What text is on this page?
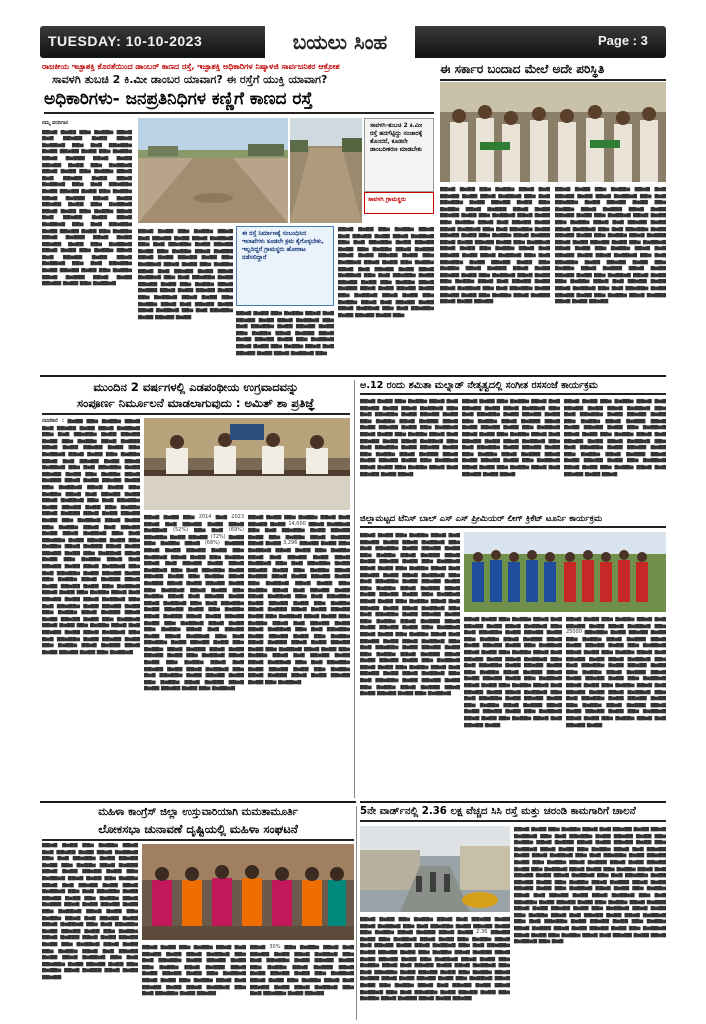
TUESDAY: 10-10-2023	ಬಯಲು ಸಿಂಹ	Page : 3
ರಾಜಕೀಯ ಇಚ್ಛಾಶಕ್ತಿ ಕೊರತೆಯಿಂದ ಡಾಂಬರ್ ಕಾಣದ ರಸ್ತೆ, ಇಚ್ಛಾಶಕ್ತಿ ಅಧಿಕಾರಿಗಳ ನಿಷ್ಕಾಳಜಿ ಸಾರ್ವಜನಿಕರ ಆಕ್ರೋಶ
ಸಾವಳಗಿ ತುಬಚಿ 2 ಕಿ.ಮೀ ಡಾಂಬರ ಯಾವಾಗ? ಈ ರಸ್ತೆಗೆ ಯುಕ್ತಿ ಯಾವಾಗ?
ಅಧಿಕಾರಿಗಳು- ಜನಪ್ರತಿನಿಧಿಗಳ ಕಣ್ಣಿಗೆ ಕಾಣದ ರಸ್ತೆ

ನಮ್ಮ ವರದಿಗಾರ

▆▆▅▆ ▆▅▆▆ ▆▆▅ ▆▅▆▆▅ ▆▆▅▆ ▆▅▆ ▆▆▅▆▆ ▆▅▆▆ ▆▆▅▆ ▆▅▆▆▅▆ ▆▆▅ ▆▅▆ ▆▆▅▆▆▅ ▆▅▆▆ ▆▆▅▆▆ ▆▅▆▆ ▆▆▅ ▆▅▆▆▅ ▆▆▅▆ ▆▅▆▆▆ ▆▆▅▆ ▆▅▆▆ ▆▆▅▆▆ ▆▅▆▆ ▆▆▅ ▆▅▆▆▅▆ ▆▆▅▆ ▆▅▆▆ ▆▆▅ ▆▅▆▆▅ ▆▆▅▆ ▆▅▆ ▆▆▅▆▆ ▆▅▆▆ ▆▆▅▆ ▆▅▆▆▅▆ ▆▆▅ ▆▅▆ ▆▆▅▆▆▅ ▆▅▆▆ ▆▆▅▆▆ ▆▅▆▆ ▆▆▅ ▆▅▆▆▅ ▆▆▅▆ ▆▅▆▆▆ ▆▆▅▆ ▆▅▆▆ ▆▆▅▆▆ ▆▅▆▆ ▆▆▅ ▆▅▆▆▅▆ ▆▆▅▆ ▆▅▆▆ ▆▆▅ ▆▅▆▆▅ ▆▆▅▆ ▆▅▆ ▆▆▅▆▆ ▆▅▆▆ ▆▆▅▆ ▆▅▆▆▅▆ ▆▆▅ ▆▅▆ ▆▆▅▆▆▅ ▆▅▆▆ ▆▆▅▆▆ ▆▅▆▆ ▆▆▅ ▆▅▆▆▅ ▆▆▅▆ ▆▅▆▆▆ ▆▆▅▆ ▆▅▆▆ ▆▆▅▆▆ ▆▅▆▆ ▆▆▅ ▆▅▆▆▅▆ ▆▆▅▆ ▆▅▆▆ ▆▆▅ ▆▅▆▆▅ ▆▆▅▆ ▆▅▆ ▆▆▅▆▆ ▆▅▆▆ ▆▆▅▆ ▆▅▆▆▅▆ ▆▆▅ ▆▅▆ ▆▆▅▆▆▅ ▆▅▆▆ ▆▆▅▆▆ ▆▅▆▆ ▆▆▅ ▆▅▆▆▅ ▆▆▅▆ ▆▅▆▆▆ ▆▆▅▆ ▆▅▆▆ ▆▆▅▆▆ ▆▅▆▆ ▆▆▅ ▆▅▆▆▅▆

ಸಾವಳಗಿ-ತುಬಚಿ 2 ಕಿ.ಮೀ ರಸ್ತೆ ಹದಗೆಟ್ಟಿದ್ದು ಸಂಚಾರಕ್ಕೆ ತೊಂದರೆ, ಕೂಡಲೇ ಡಾಂಬರೀಕರಣ ಮಾಡಬೇಕು
ಸಾವಳಗಿ ಗ್ರಾಮಸ್ಥರು

▆▆▅▆ ▆▅▆▆ ▆▆▅ ▆▅▆▆▅ ▆▆▅▆ ▆▅▆ ▆▆▅▆▆ ▆▅▆▆ ▆▆▅▆ ▆▅▆▆▅▆ ▆▆▅ ▆▅▆ ▆▆▅▆▆▅ ▆▅▆▆ ▆▆▅▆▆ ▆▅▆▆ ▆▆▅ ▆▅▆▆▅ ▆▆▅▆ ▆▅▆▆▆ ▆▆▅▆ ▆▅▆▆ ▆▆▅▆▆ ▆▅▆▆ ▆▆▅ ▆▅▆▆▅▆ ▆▆▅▆ ▆▅▆▆ ▆▆▅ ▆▅▆▆▅ ▆▆▅▆ ▆▅▆ ▆▆▅▆▆ ▆▅▆▆ ▆▆▅▆ ▆▅▆▆▅▆ ▆▆▅ ▆▅▆ ▆▆▅▆▆▅ ▆▅▆▆ ▆▆▅▆▆ ▆▅▆▆ ▆▆▅ ▆▅▆▆▅ ▆▆▅▆ ▆▅▆▆▆ ▆▆▅▆ ▆▅▆▆ ▆▆▅▆▆ ▆▅▆▆ ▆▆▅ ▆▅▆▆▅▆ ▆▆▅▆ ▆▅▆▆ ▆▆▅ ▆▅▆▆▅ ▆▆▅▆ ▆▅▆ ▆▆▅▆▆ ▆▅▆▆ ▆▆▅▆ ▆▅▆▆▅▆ ▆▆▅ ▆▅▆ ▆▆▅▆▆▅ ▆▅▆▆ ▆▆▅▆▆ ▆▅▆▆

ಈ ರಸ್ತೆ ನಿರ್ಮಾಣಕ್ಕೆ ಸಂಬಂಧಿಸಿದ ಇಲಾಖೆಗಳು ಕೂಡಲೇ ಕ್ರಮ ಕೈಗೊಳ್ಳಬೇಕು, ಇಲ್ಲದಿದ್ದರೆ ಗ್ರಾಮಸ್ಥರು ಹೋರಾಟ ನಡೆಸಲಿದ್ದಾರೆ

▆▆▅▆ ▆▅▆▆ ▆▆▅ ▆▅▆▆▅ ▆▆▅▆ ▆▅▆ ▆▆▅▆▆ ▆▅▆▆ ▆▆▅▆ ▆▅▆▆▅▆ ▆▆▅ ▆▅▆ ▆▆▅▆▆▅ ▆▅▆▆ ▆▆▅▆▆ ▆▅▆▆ ▆▆▅ ▆▅▆▆▅ ▆▆▅▆ ▆▅▆▆▆ ▆▆▅▆ ▆▅▆▆ ▆▆▅▆▆ ▆▅▆▆ ▆▆▅ ▆▅▆▆▅▆ ▆▆▅▆ ▆▅▆▆ ▆▆▅ ▆▅▆▆▅ ▆▆▅▆ ▆▅▆ ▆▆▅▆▆ ▆▅▆▆ ▆▆▅▆ ▆▅▆▆▅▆ ▆▆▅

▆▆▅▆ ▆▅▆▆ ▆▆▅ ▆▅▆▆▅ ▆▆▅▆ ▆▅▆ ▆▆▅▆▆ ▆▅▆▆ ▆▆▅▆ ▆▅▆▆▅▆ ▆▆▅ ▆▅▆ ▆▆▅▆▆▅ ▆▅▆▆ ▆▆▅▆▆ ▆▅▆▆ ▆▆▅ ▆▅▆▆▅ ▆▆▅▆ ▆▅▆▆▆ ▆▆▅▆ ▆▅▆▆ ▆▆▅▆▆ ▆▅▆▆ ▆▆▅ ▆▅▆▆▅▆ ▆▆▅▆ ▆▅▆▆ ▆▆▅ ▆▅▆▆▅ ▆▆▅▆ ▆▅▆ ▆▆▅▆▆ ▆▅▆▆ ▆▆▅▆ ▆▅▆▆▅▆ ▆▆▅ ▆▅▆ ▆▆▅▆▆▅ ▆▅▆▆ ▆▆▅▆▆ ▆▅▆▆ ▆▆▅ ▆▅▆▆▅ ▆▆▅▆ ▆▅▆▆▆ ▆▆▅▆ ▆▅▆▆ ▆▆▅▆▆ ▆▅▆▆ ▆▆▅ ▆▅▆▆▅▆ ▆▆▅▆ ▆▅▆▆ ▆▆▅ ▆▅▆▆▅ ▆▆▅▆ ▆▅▆ ▆▆▅▆▆ ▆▅▆▆ ▆▆▅▆ ▆▅▆▆▅▆ ▆▆▅ ▆▅▆ ▆▆▅▆▆▅ ▆▅▆▆ ▆▆▅▆▆ ▆▅▆▆ ▆▆▅

ಈ ಸರ್ಕಾರ ಬಂದಾದ ಮೇಲೆ ಅದೇ ಪರಿಸ್ಥಿತಿ

▆▆▅▆ ▆▅▆▆ ▆▆▅ ▆▅▆▆▅ ▆▆▅▆ ▆▅▆ ▆▆▅▆▆ ▆▅▆▆ ▆▆▅▆ ▆▅▆▆▅▆ ▆▆▅ ▆▅▆ ▆▆▅▆▆▅ ▆▅▆▆ ▆▆▅▆▆ ▆▅▆▆ ▆▆▅ ▆▅▆▆▅ ▆▆▅▆ ▆▅▆▆▆ ▆▆▅▆ ▆▅▆▆ ▆▆▅▆▆ ▆▅▆▆ ▆▆▅ ▆▅▆▆▅▆ ▆▆▅▆ ▆▅▆▆ ▆▆▅ ▆▅▆▆▅ ▆▆▅▆ ▆▅▆ ▆▆▅▆▆ ▆▅▆▆ ▆▆▅▆ ▆▅▆▆▅▆ ▆▆▅ ▆▅▆ ▆▆▅▆▆▅ ▆▅▆▆ ▆▆▅▆▆ ▆▅▆▆ ▆▆▅ ▆▅▆▆▅ ▆▆▅▆ ▆▅▆▆▆ ▆▆▅▆ ▆▅▆▆ ▆▆▅▆▆ ▆▅▆▆ ▆▆▅ ▆▅▆▆▅▆ ▆▆▅▆ ▆▅▆▆ ▆▆▅ ▆▅▆▆▅ ▆▆▅▆ ▆▅▆ ▆▆▅▆▆ ▆▅▆▆ ▆▆▅▆ ▆▅▆▆▅▆ ▆▆▅ ▆▅▆ ▆▆▅▆▆▅ ▆▅▆▆ ▆▆▅▆▆ ▆▅▆▆ ▆▆▅ ▆▅▆▆▅ ▆▆▅▆ ▆▅▆▆▆ ▆▆▅▆ ▆▅▆▆ ▆▆▅▆▆ ▆▅▆▆ ▆▆▅ ▆▅▆▆▅▆ ▆▆▅▆ ▆▅▆▆ ▆▆▅ ▆▅▆▆▅ ▆▆▅▆ ▆▅▆ ▆▆▅▆▆ ▆▅▆▆ ▆▆▅▆ ▆▅▆▆▅▆ ▆▆▅ ▆▅▆ ▆▆▅▆▆▅ ▆▅▆▆ ▆▆▅▆▆ ▆▅▆▆ ▆▆▅ ▆▅▆▆▅ ▆▆▅▆ ▆▅▆▆▆ ▆▆▅▆ ▆▅▆▆ ▆▆▅▆▆

▆▆▅▆ ▆▅▆▆ ▆▆▅ ▆▅▆▆▅ ▆▆▅▆ ▆▅▆ ▆▆▅▆▆ ▆▅▆▆ ▆▆▅▆ ▆▅▆▆▅▆ ▆▆▅ ▆▅▆ ▆▆▅▆▆▅ ▆▅▆▆ ▆▆▅▆▆ ▆▅▆▆ ▆▆▅ ▆▅▆▆▅ ▆▆▅▆ ▆▅▆▆▆ ▆▆▅▆ ▆▅▆▆ ▆▆▅▆▆ ▆▅▆▆ ▆▆▅ ▆▅▆▆▅▆ ▆▆▅▆ ▆▅▆▆ ▆▆▅ ▆▅▆▆▅ ▆▆▅▆ ▆▅▆ ▆▆▅▆▆ ▆▅▆▆ ▆▆▅▆ ▆▅▆▆▅▆ ▆▆▅ ▆▅▆ ▆▆▅▆▆▅ ▆▅▆▆ ▆▆▅▆▆ ▆▅▆▆ ▆▆▅ ▆▅▆▆▅ ▆▆▅▆ ▆▅▆▆▆ ▆▆▅▆ ▆▅▆▆ ▆▆▅▆▆ ▆▅▆▆ ▆▆▅ ▆▅▆▆▅▆ ▆▆▅▆ ▆▅▆▆ ▆▆▅ ▆▅▆▆▅ ▆▆▅▆ ▆▅▆ ▆▆▅▆▆ ▆▅▆▆ ▆▆▅▆ ▆▅▆▆▅▆ ▆▆▅ ▆▅▆ ▆▆▅▆▆▅ ▆▅▆▆ ▆▆▅▆▆ ▆▅▆▆ ▆▆▅ ▆▅▆▆▅ ▆▆▅▆ ▆▅▆▆▆ ▆▆▅▆ ▆▅▆▆ ▆▆▅▆▆ ▆▅▆▆ ▆▆▅ ▆▅▆▆▅▆ ▆▆▅▆ ▆▅▆▆ ▆▆▅ ▆▅▆▆▅ ▆▆▅▆ ▆▅▆ ▆▆▅▆▆ ▆▅▆▆ ▆▆▅▆ ▆▅▆▆▅▆ ▆▆▅ ▆▅▆ ▆▆▅▆▆▅ ▆▅▆▆ ▆▆▅▆▆ ▆▅▆▆ ▆▆▅ ▆▅▆▆▅ ▆▆▅▆ ▆▅▆▆▆ ▆▆▅▆ ▆▅▆▆ ▆▆▅▆▆

ಮುಂದಿನ 2 ವರ್ಷಗಳಲ್ಲಿ ಎಡಪಂಥೀಯ ಉಗ್ರವಾದವನ್ನು
ಸಂಪೂರ್ಣ ನಿರ್ಮೂಲನೆ ಮಾಡಲಾಗುವುದು : ಅಮಿತ್ ಶಾ ಪ್ರತಿಜ್ಞೆ

ನವದೆಹಲಿ : ▆▅▆▆ ▆▆▅ ▆▅▆▆▅ ▆▆▅▆ ▆▅▆ ▆▆▅▆▆ ▆▅▆▆ ▆▆▅▆ ▆▅▆▆▅▆ ▆▆▅ ▆▅▆ ▆▆▅▆▆▅ ▆▅▆▆ ▆▆▅▆▆ ▆▅▆▆ ▆▆▅ ▆▅▆▆▅ ▆▆▅▆ ▆▅▆▆▆ ▆▆▅▆ ▆▅▆▆ ▆▆▅▆▆ ▆▅▆▆ ▆▆▅ ▆▅▆▆▅▆ ▆▆▅▆ ▆▅▆▆ ▆▆▅ ▆▅▆▆▅ ▆▆▅▆ ▆▅▆ ▆▆▅▆▆ ▆▅▆▆ ▆▆▅▆ ▆▅▆▆▅▆ ▆▆▅ ▆▅▆ ▆▆▅▆▆▅ ▆▅▆▆ ▆▆▅▆▆ ▆▅▆▆ ▆▆▅ ▆▅▆▆▅ ▆▆▅▆ ▆▅▆▆▆ ▆▆▅▆ ▆▅▆▆ ▆▆▅▆▆ ▆▅▆▆ ▆▆▅ ▆▅▆▆▅▆ ▆▆▅▆ ▆▅▆▆ ▆▆▅ ▆▅▆▆▅ ▆▆▅▆ ▆▅▆ ▆▆▅▆▆ ▆▅▆▆ ▆▆▅▆ ▆▅▆▆▅▆ ▆▆▅ ▆▅▆ ▆▆▅▆▆▅ ▆▅▆▆ ▆▆▅▆▆ ▆▅▆▆ ▆▆▅ ▆▅▆▆▅ ▆▆▅▆ ▆▅▆▆▆ ▆▆▅▆ ▆▅▆▆ ▆▆▅▆▆ ▆▅▆▆ ▆▆▅ ▆▅▆▆▅▆ ▆▆▅▆ ▆▅▆▆ ▆▆▅ ▆▅▆▆▅ ▆▆▅▆ ▆▅▆ ▆▆▅▆▆ ▆▅▆▆ ▆▆▅▆ ▆▅▆▆▅▆ ▆▆▅ ▆▅▆ ▆▆▅▆▆▅ ▆▅▆▆ ▆▆▅▆▆ ▆▅▆▆ ▆▆▅ ▆▅▆▆▅ ▆▆▅▆ ▆▅▆▆▆ ▆▆▅▆ ▆▅▆▆ ▆▆▅▆▆ ▆▅▆▆ ▆▆▅ ▆▅▆▆▅▆ ▆▆▅▆ ▆▅▆▆ ▆▆▅ ▆▅▆▆▅ ▆▆▅▆ ▆▅▆ ▆▆▅▆▆ ▆▅▆▆ ▆▆▅▆ ▆▅▆▆▅▆ ▆▆▅ ▆▅▆ ▆▆▅▆▆▅ ▆▅▆▆ ▆▆▅▆▆ ▆▅▆▆ ▆▆▅ ▆▅▆▆▅ ▆▆▅▆ ▆▅▆▆▆ ▆▆▅▆ ▆▅▆▆ ▆▆▅▆▆ ▆▅▆▆ ▆▆▅ ▆▅▆▆▅▆ ▆▆▅▆ ▆▅▆▆ ▆▆▅ ▆▅▆▆▅ ▆▆▅▆ ▆▅▆ ▆▆▅▆▆ ▆▅▆▆ ▆▆▅▆ ▆▅▆▆▅▆ ▆▆▅ ▆▅▆ ▆▆▅▆▆▅ ▆▅▆▆ ▆▆▅▆▆ ▆▅▆▆ ▆▆▅ ▆▅▆▆▅ ▆▆▅▆ ▆▅▆▆▆ ▆▆▅▆ ▆▅▆▆ ▆▆▅▆▆ ▆▅▆▆ ▆▆▅ ▆▅▆▆▅▆ ▆▆▅▆ ▆▅▆▆ ▆▆▅ ▆▅▆▆▅ ▆▆▅▆ ▆▅▆ ▆▆▅▆▆ ▆▅▆▆ ▆▆▅▆ ▆▅▆▆▅▆ ▆▆▅ ▆▅▆ ▆▆▅▆▆▅ ▆▅▆▆ ▆▆▅▆▆ ▆▅▆▆ ▆▆▅ ▆▅▆▆▅ ▆▆▅▆ ▆▅▆▆▆ ▆▆▅▆ ▆▅▆▆ ▆▆▅▆▆ ▆▅▆▆ ▆▆▅ ▆▅▆▆▅▆

▆▆▅▆ ▆▅▆▆ ▆▆▅ 2014 ▆▅▆ 2023 ▆▆▅▆ ▆▅▆ ▆▆▅▆▆ ▆▅▆▆ ▆▆▅▆ ▆▅▆▆▅▆ (52%) ▆▆▅ ▆▅▆ (69%) ▆▆▅▆▆▅ ▆▅▆▆ ▆▆▅▆▆ (72%) ▆▅▆▆ ▆▆▅ ▆▅▆▆▅ ▆▆▅▆ (68%) ▆▅▆▆▆ ▆▆▅▆ ▆▅▆▆ ▆▆▅▆▆ ▆▅▆▆ ▆▆▅ ▆▅▆▆▅▆ ▆▆▅▆ ▆▅▆▆ ▆▆▅ ▆▅▆▆▅ ▆▆▅▆ ▆▅▆ ▆▆▅▆▆ ▆▅▆▆ ▆▆▅▆ ▆▅▆▆▅▆ ▆▆▅ ▆▅▆ ▆▆▅▆▆▅ ▆▅▆▆ ▆▆▅▆▆ ▆▅▆▆ ▆▆▅ ▆▅▆▆▅ ▆▆▅▆ ▆▅▆▆▆ ▆▆▅▆ ▆▅▆▆ ▆▆▅▆▆ ▆▅▆▆ ▆▆▅ ▆▅▆▆▅▆ ▆▆▅▆ ▆▅▆▆ ▆▆▅ ▆▅▆▆▅ ▆▆▅▆ ▆▅▆ ▆▆▅▆▆ ▆▅▆▆ ▆▆▅▆ ▆▅▆▆▅▆ ▆▆▅ ▆▅▆ ▆▆▅▆▆▅ ▆▅▆▆ ▆▆▅▆▆ ▆▅▆▆ ▆▆▅ ▆▅▆▆▅ ▆▆▅▆ ▆▅▆▆▆ ▆▆▅▆ ▆▅▆▆ ▆▆▅▆▆ ▆▅▆▆ ▆▆▅ ▆▅▆▆▅▆ ▆▆▅▆ ▆▅▆▆ ▆▆▅ ▆▅▆▆▅ ▆▆▅▆ ▆▅▆ ▆▆▅▆▆ ▆▅▆▆ ▆▆▅▆ ▆▅▆▆▅▆ ▆▆▅ ▆▅▆ ▆▆▅▆▆▅ ▆▅▆▆ ▆▆▅▆▆ ▆▅▆▆ ▆▆▅ ▆▅▆▆▅ ▆▆▅▆ ▆▅▆▆▆ ▆▆▅▆ ▆▅▆▆ ▆▆▅▆▆ ▆▅▆▆ ▆▆▅ ▆▅▆▆▅▆ ▆▆▅▆ ▆▅▆▆ ▆▆▅ ▆▅▆▆▅ ▆▆▅▆ ▆▅▆ ▆▆▅▆▆ ▆▅▆▆ ▆▆▅▆ ▆▅▆▆▅▆ ▆▆▅ ▆▅▆ ▆▆▅▆▆▅ ▆▅▆▆ ▆▆▅▆▆ ▆▅▆▆ ▆▆▅ ▆▅▆▆▅ ▆▆▅▆ ▆▅▆▆▆ ▆▆▅▆ ▆▅▆▆ ▆▆▅▆▆ ▆▅▆▆ ▆▆▅ ▆▅▆▆▅▆

▆▆▅▆ ▆▅▆▆ ▆▆▅ ▆▅▆▆▅ ▆▆▅▆ ▆▅▆ ▆▆▅▆▆ ▆▅▆▆ 14,000 ▆▆▅▆ ▆▅▆▆▅▆ ▆▆▅ ▆▅▆ ▆▆▅▆▆▅ ▆▅▆▆ ▆▆▅▆▆ ▆▅▆▆ ▆▆▅ ▆▅▆▆▅ ▆▆▅▆ ▆▅▆▆▆ ▆▆▅▆ ▆▅▆▆ 3,296 ▆▆▅▆▆ ▆▅▆▆ ▆▆▅ ▆▅▆▆▅▆ ▆▆▅▆ ▆▅▆▆ ▆▆▅ ▆▅▆▆▅ ▆▆▅▆ ▆▅▆ ▆▆▅▆▆ ▆▅▆▆ ▆▆▅▆ ▆▅▆▆▅▆ ▆▆▅ ▆▅▆ ▆▆▅▆▆▅ ▆▅▆▆ ▆▆▅▆▆ ▆▅▆▆ ▆▆▅ ▆▅▆▆▅ ▆▆▅▆ ▆▅▆▆▆ ▆▆▅▆ ▆▅▆▆ ▆▆▅▆▆ ▆▅▆▆ ▆▆▅ ▆▅▆▆▅▆ ▆▆▅▆ ▆▅▆▆ ▆▆▅ ▆▅▆▆▅ ▆▆▅▆ ▆▅▆ ▆▆▅▆▆ ▆▅▆▆ ▆▆▅▆ ▆▅▆▆▅▆ ▆▆▅ ▆▅▆ ▆▆▅▆▆▅ ▆▅▆▆ ▆▆▅▆▆ ▆▅▆▆ ▆▆▅ ▆▅▆▆▅ ▆▆▅▆ ▆▅▆▆▆ ▆▆▅▆ ▆▅▆▆ ▆▆▅▆▆ ▆▅▆▆ ▆▆▅ ▆▅▆▆▅▆ ▆▆▅▆ ▆▅▆▆ ▆▆▅ ▆▅▆▆▅ ▆▆▅▆ ▆▅▆ ▆▆▅▆▆ ▆▅▆▆ ▆▆▅▆ ▆▅▆▆▅▆ ▆▆▅ ▆▅▆ ▆▆▅▆▆▅ ▆▅▆▆ ▆▆▅▆▆ ▆▅▆▆ ▆▆▅ ▆▅▆▆▅ ▆▆▅▆ ▆▅▆▆▆ ▆▆▅▆ ▆▅▆▆ ▆▆▅▆▆ ▆▅▆▆ ▆▆▅ ▆▅▆▆▅▆ ▆▆▅▆ ▆▅▆▆ ▆▆▅ ▆▅▆▆▅ ▆▆▅▆ ▆▅▆ ▆▆▅▆▆ ▆▅▆▆ ▆▆▅▆ ▆▅▆▆▅▆ ▆▆▅ ▆▅▆ ▆▆▅▆▆▅ ▆▅▆▆ ▆▆▅▆▆ ▆▅▆▆ ▆▆▅ ▆▅▆▆▅ ▆▆▅▆ ▆▅▆▆▆ ▆▆▅▆ ▆▅▆▆ ▆▆▅▆▆ ▆▅▆▆ ▆▆▅ ▆▅▆▆▅▆

ಅ.12 ರಂದು ಶಮಿತಾ ಮಲ್ನಾಡ್ ನೇತೃತ್ವದಲ್ಲಿ ಸಂಗೀತ ರಸಸಂಜೆ ಕಾರ್ಯಕ್ರಮ

▆▆▅▆ ▆▅▆▆ ▆▆▅ ▆▅▆▆▅ ▆▆▅▆ ▆▅▆ ▆▆▅▆▆ ▆▅▆▆ ▆▆▅▆ ▆▅▆▆▅▆ ▆▆▅ ▆▅▆ ▆▆▅▆▆▅ ▆▅▆▆ ▆▆▅▆▆ ▆▅▆▆ ▆▆▅ ▆▅▆▆▅ ▆▆▅▆ ▆▅▆▆▆ ▆▆▅▆ ▆▅▆▆ ▆▆▅▆▆ ▆▅▆▆ ▆▆▅ ▆▅▆▆▅▆ ▆▆▅▆ ▆▅▆▆ ▆▆▅ ▆▅▆▆▅ ▆▆▅▆ ▆▅▆ ▆▆▅▆▆ ▆▅▆▆ ▆▆▅▆ ▆▅▆▆▅▆ ▆▆▅ ▆▅▆ ▆▆▅▆▆▅ ▆▅▆▆ ▆▆▅▆▆ ▆▅▆▆ ▆▆▅ ▆▅▆▆▅ ▆▆▅▆ ▆▅▆▆▆ ▆▆▅▆ ▆▅▆▆ ▆▆▅▆▆ ▆▅▆▆ ▆▆▅ ▆▅▆▆▅▆ ▆▆▅▆ ▆▅▆▆ ▆▆▅ ▆▅▆▆▅ ▆▆▅▆ ▆▅▆ ▆▆▅▆▆ ▆▅▆▆ ▆▆▅▆

▆▆▅▆ ▆▅▆▆ ▆▆▅ ▆▅▆▆▅ ▆▆▅▆ ▆▅▆ ▆▆▅▆▆ ▆▅▆▆ ▆▆▅▆ ▆▅▆▆▅▆ ▆▆▅ ▆▅▆ ▆▆▅▆▆▅ ▆▅▆▆ ▆▆▅▆▆ ▆▅▆▆ ▆▆▅ ▆▅▆▆▅ ▆▆▅▆ ▆▅▆▆▆ ▆▆▅▆ ▆▅▆▆ ▆▆▅▆▆ ▆▅▆▆ ▆▆▅ ▆▅▆▆▅▆ ▆▆▅▆ ▆▅▆▆ ▆▆▅ ▆▅▆▆▅ ▆▆▅▆ ▆▅▆ ▆▆▅▆▆ ▆▅▆▆ ▆▆▅▆ ▆▅▆▆▅▆ ▆▆▅ ▆▅▆ ▆▆▅▆▆▅ ▆▅▆▆ ▆▆▅▆▆ ▆▅▆▆ ▆▆▅ ▆▅▆▆▅ ▆▆▅▆ ▆▅▆▆▆ ▆▆▅▆ ▆▅▆▆ ▆▆▅▆▆ ▆▅▆▆ ▆▆▅ ▆▅▆▆▅▆ ▆▆▅▆ ▆▅▆▆ ▆▆▅ ▆▅▆▆▅ ▆▆▅▆ ▆▅▆ ▆▆▅▆▆ ▆▅▆▆ ▆▆▅▆

▆▆▅▆ ▆▅▆▆ ▆▆▅ ▆▅▆▆▅ ▆▆▅▆ ▆▅▆ ▆▆▅▆▆ ▆▅▆▆ ▆▆▅▆ ▆▅▆▆▅▆ ▆▆▅ ▆▅▆ ▆▆▅▆▆▅ ▆▅▆▆ ▆▆▅▆▆ ▆▅▆▆ ▆▆▅ ▆▅▆▆▅ ▆▆▅▆ ▆▅▆▆▆ ▆▆▅▆ ▆▅▆▆ ▆▆▅▆▆ ▆▅▆▆ ▆▆▅ ▆▅▆▆▅▆ ▆▆▅▆ ▆▅▆▆ ▆▆▅ ▆▅▆▆▅ ▆▆▅▆ ▆▅▆ ▆▆▅▆▆ ▆▅▆▆ ▆▆▅▆ ▆▅▆▆▅▆ ▆▆▅ ▆▅▆ ▆▆▅▆▆▅ ▆▅▆▆ ▆▆▅▆▆ ▆▅▆▆ ▆▆▅ ▆▅▆▆▅ ▆▆▅▆ ▆▅▆▆▆ ▆▆▅▆ ▆▅▆▆ ▆▆▅▆▆ ▆▅▆▆ ▆▆▅ ▆▅▆▆▅▆ ▆▆▅▆ ▆▅▆▆ ▆▆▅ ▆▅▆▆▅ ▆▆▅▆ ▆▅▆ ▆▆▅▆▆ ▆▅▆▆ ▆▆▅▆

ಜಿಲ್ಲಾಮಟ್ಟದ ಟೆನಿಸ್ ಬಾಲ್ ಎಸ್ ಎಸ್ ಪ್ರೀಮಿಯರ್ ಲೀಗ್ ಕ್ರಿಕೆಟ್ ಟೂರ್ನಿ ಕಾರ್ಯಕ್ರಮ

▆▆▅▆ ▆▅▆▆ ▆▆▅ ▆▅▆▆▅ ▆▆▅▆ ▆▅▆ ▆▆▅▆▆ ▆▅▆▆ ▆▆▅▆ ▆▅▆▆▅▆ ▆▆▅ ▆▅▆ ▆▆▅▆▆▅ ▆▅▆▆ ▆▆▅▆▆ ▆▅▆▆ ▆▆▅ ▆▅▆▆▅ ▆▆▅▆ ▆▅▆▆▆ ▆▆▅▆ ▆▅▆▆ ▆▆▅▆▆ ▆▅▆▆ ▆▆▅ ▆▅▆▆▅▆ ▆▆▅▆ ▆▅▆▆ ▆▆▅ ▆▅▆▆▅ ▆▆▅▆ ▆▅▆ ▆▆▅▆▆ ▆▅▆▆ ▆▆▅▆ ▆▅▆▆▅▆ ▆▆▅ ▆▅▆ ▆▆▅▆▆▅ ▆▅▆▆ ▆▆▅▆▆ ▆▅▆▆ ▆▆▅ ▆▅▆▆▅ ▆▆▅▆ ▆▅▆▆▆ ▆▆▅▆ ▆▅▆▆ ▆▆▅▆▆ ▆▅▆▆ ▆▆▅ ▆▅▆▆▅▆ ▆▆▅▆ ▆▅▆▆ ▆▆▅ ▆▅▆▆▅ ▆▆▅▆ ▆▅▆ ▆▆▅▆▆ ▆▅▆▆ ▆▆▅▆ ▆▅▆▆▅▆ ▆▆▅ ▆▅▆ ▆▆▅▆▆▅ ▆▅▆▆ ▆▆▅▆▆ ▆▅▆▆ ▆▆▅ ▆▅▆▆▅ ▆▆▅▆ ▆▅▆▆▆ ▆▆▅▆ ▆▅▆▆ ▆▆▅▆▆ ▆▅▆▆ ▆▆▅ ▆▅▆▆▅▆ ▆▆▅▆ ▆▅▆▆ ▆▆▅ ▆▅▆▆▅ ▆▆▅▆ ▆▅▆ ▆▆▅▆▆ ▆▅▆▆ ▆▆▅▆ ▆▅▆▆▅▆ ▆▆▅ ▆▅▆ ▆▆▅▆▆▅ ▆▅▆▆ ▆▆▅▆▆ ▆▅▆▆ ▆▆▅ ▆▅▆▆▅ ▆▆▅▆ ▆▅▆▆▆ ▆▆▅▆ ▆▅▆▆ ▆▆▅▆▆ ▆▅▆▆ ▆▆▅ ▆▅▆▆▅▆ ▆▆▅▆ ▆▅▆▆ ▆▆▅ ▆▅▆▆▅ ▆▆▅▆ ▆▅▆ ▆▆▅▆▆ ▆▅▆▆ ▆▆▅▆ ▆▅▆▆▅▆ ▆▆▅ ▆▅▆ ▆▆▅▆▆▅ ▆▅▆▆ ▆▆▅▆▆ ▆▅▆▆ ▆▆▅ ▆▅▆▆▅ ▆▆▅▆ ▆▅▆▆▆ ▆▆▅▆ ▆▅▆▆ ▆▆▅▆▆ ▆▅▆▆ ▆▆▅ ▆▅▆▆▅▆

▆▆▅▆ ▆▅▆▆ ▆▆▅ ▆▅▆▆▅ ▆▆▅▆ ▆▅▆ ▆▆▅▆▆ ▆▅▆▆ ▆▆▅▆ ▆▅▆▆▅▆ ▆▆▅ ▆▅▆ ▆▆▅▆▆▅ ▆▅▆▆ ▆▆▅▆▆ ▆▅▆▆ ▆▆▅ ▆▅▆▆▅ ▆▆▅▆ ▆▅▆▆▆ ▆▆▅▆ ▆▅▆▆ ▆▆▅▆▆ ▆▅▆▆ ▆▆▅ ▆▅▆▆▅▆ ▆▆▅▆ ▆▅▆▆ ▆▆▅ ▆▅▆▆▅ ▆▆▅▆ ▆▅▆ ▆▆▅▆▆ ▆▅▆▆ ▆▆▅▆ ▆▅▆▆▅▆ ▆▆▅ ▆▅▆ ▆▆▅▆▆▅ ▆▅▆▆ ▆▆▅▆▆ ▆▅▆▆ ▆▆▅ ▆▅▆▆▅ ▆▆▅▆ ▆▅▆▆▆ ▆▆▅▆ ▆▅▆▆ ▆▆▅▆▆ ▆▅▆▆ ▆▆▅ ▆▅▆▆▅▆ ▆▆▅▆ ▆▅▆▆ ▆▆▅ ▆▅▆▆▅ ▆▆▅▆ ▆▅▆ ▆▆▅▆▆ ▆▅▆▆ ▆▆▅▆ ▆▅▆▆▅▆ ▆▆▅ ▆▅▆ ▆▆▅▆▆▅ ▆▅▆▆ ▆▆▅▆▆ ▆▅▆▆ ▆▆▅ ▆▅▆▆▅ ▆▆▅▆ ▆▅▆▆▆ ▆▆▅▆ ▆▅▆▆ ▆▆▅▆▆ ▆▅▆▆ ▆▆▅ ▆▅▆▆▅▆ ▆▆▅▆ ▆▅▆▆ ▆▆▅ ▆▅▆▆▅ ▆▆▅▆ ▆▅▆ ▆▆▅▆▆ ▆▅▆▆

▆▆▅▆ ▆▅▆▆ ▆▆▅ ▆▅▆▆▅ ▆▆▅▆ ▆▅▆ ▆▆▅▆▆ ▆▅▆▆ ▆▆▅▆ ▆▅▆▆▅▆ ▆▆▅ 25000 ▆▆▅▆▆▅ ▆▅▆▆ ▆▆▅▆▆ ▆▅▆▆ ▆▆▅ ▆▅▆▆▅ ▆▆▅▆ ▆▅▆▆▆ ▆▆▅▆ ▆▅▆▆ ▆▆▅▆▆ ▆▅▆▆ ▆▆▅ ▆▅▆▆▅▆ ▆▆▅▆ ▆▅▆▆ ▆▆▅ ▆▅▆▆▅ ▆▆▅▆ ▆▅▆ ▆▆▅▆▆ ▆▅▆▆ ▆▆▅▆ ▆▅▆▆▅▆ ▆▆▅ ▆▅▆ ▆▆▅▆▆▅ ▆▅▆▆ ▆▆▅▆▆ ▆▅▆▆ ▆▆▅ ▆▅▆▆▅ ▆▆▅▆ ▆▅▆▆▆ ▆▆▅▆ ▆▅▆▆ ▆▆▅▆▆ ▆▅▆▆ ▆▆▅ ▆▅▆▆▅▆ ▆▆▅▆ ▆▅▆▆ ▆▆▅ ▆▅▆▆▅ ▆▆▅▆ ▆▅▆ ▆▆▅▆▆ ▆▅▆▆ ▆▆▅▆ ▆▅▆▆▅▆ ▆▆▅ ▆▅▆ ▆▆▅▆▆▅ ▆▅▆▆ ▆▆▅▆▆ ▆▅▆▆ ▆▆▅ ▆▅▆▆▅ ▆▆▅▆ ▆▅▆▆▆ ▆▆▅▆ ▆▅▆▆ ▆▆▅▆▆ ▆▅▆▆ ▆▆▅ ▆▅▆▆▅▆ ▆▆▅▆ ▆▅▆▆ ▆▆▅ ▆▅▆▆▅ ▆▆▅▆ ▆▅▆ ▆▆▅▆▆ ▆▅▆▆

ಮಹಿಳಾ ಕಾಂಗ್ರೆಸ್ ಜಿಲ್ಲಾ ಉಸ್ತುವಾರಿಯಾಗಿ ಮಮತಾಮೂರ್ತಿ
ಲೋಕಸಭಾ ಚುನಾವಣೆ ದೃಷ್ಟಿಯಲ್ಲಿ ಮಹಿಳಾ ಸಂಘಟನೆ

▆▆▅▆ ▆▅▆▆ ▆▆▅ ▆▅▆▆▅ ▆▆▅▆ ▆▅▆ ▆▆▅▆▆ ▆▅▆▆ ▆▆▅▆ ▆▅▆▆▅▆ ▆▆▅ ▆▅▆ ▆▆▅▆▆▅ ▆▅▆▆ ▆▆▅▆▆ ▆▅▆▆ ▆▆▅ ▆▅▆▆▅ ▆▆▅▆ ▆▅▆▆▆ ▆▆▅▆ ▆▅▆▆ ▆▆▅▆▆ ▆▅▆▆ ▆▆▅ ▆▅▆▆▅▆ ▆▆▅▆ ▆▅▆▆ ▆▆▅ ▆▅▆▆▅ ▆▆▅▆ ▆▅▆ ▆▆▅▆▆ ▆▅▆▆ ▆▆▅▆ ▆▅▆▆▅▆ ▆▆▅ ▆▅▆ ▆▆▅▆▆▅ ▆▅▆▆ ▆▆▅▆▆ ▆▅▆▆ ▆▆▅ ▆▅▆▆▅ ▆▆▅▆ ▆▅▆▆▆ ▆▆▅▆ ▆▅▆▆ ▆▆▅▆▆ ▆▅▆▆ ▆▆▅ ▆▅▆▆▅▆ ▆▆▅▆ ▆▅▆▆ ▆▆▅ ▆▅▆▆▅ ▆▆▅▆ ▆▅▆ ▆▆▅▆▆ ▆▅▆▆ ▆▆▅▆ ▆▅▆▆▅▆ ▆▆▅ ▆▅▆ ▆▆▅▆▆▅ ▆▅▆▆ ▆▆▅▆▆ ▆▅▆▆ ▆▆▅ ▆▅▆▆▅ ▆▆▅▆ ▆▅▆▆▆ ▆▆▅▆ ▆▅▆▆ ▆▆▅▆▆ ▆▅▆▆ ▆▆▅ ▆▅▆▆▅▆ ▆▆▅▆ ▆▅▆▆ ▆▆▅ ▆▅▆▆▅ ▆▆▅▆ ▆▅▆ ▆▆▅▆▆ ▆▅▆▆ ▆▆▅▆ ▆▅▆▆▅▆ ▆▆▅ ▆▅▆ ▆▆▅▆▆▅ ▆▅▆▆ ▆▆▅▆▆ ▆▅▆▆ ▆▆▅ ▆▅▆▆▅ ▆▆▅▆ ▆▅▆▆▆ ▆▆▅▆ ▆▅▆▆ ▆▆▅▆▆

▆▆▅▆ ▆▅▆▆ ▆▆▅ ▆▅▆▆▅ ▆▆▅▆ ▆▅▆ ▆▆▅▆▆ ▆▅▆▆ ▆▆▅▆ ▆▅▆▆▅▆ ▆▆▅ ▆▅▆ ▆▆▅▆▆▅ ▆▅▆▆ ▆▆▅▆▆ ▆▅▆▆ ▆▆▅ ▆▅▆▆▅ ▆▆▅▆ ▆▅▆▆▆ ▆▆▅▆ ▆▅▆▆ ▆▆▅▆▆ ▆▅▆▆ ▆▆▅ ▆▅▆▆▅▆ ▆▆▅▆ ▆▅▆▆ ▆▆▅ ▆▅▆▆▅ ▆▆▅▆ ▆▅▆ ▆▆▅▆▆ ▆▅▆▆ ▆▆▅▆ ▆▅▆▆▅▆ ▆▆▅ ▆▅▆ ▆▆▅▆▆▅ ▆▅▆▆ ▆▆▅▆▆

▆▆▅▆ 30% ▆▆▅ ▆▅▆▆▅ ▆▆▅▆ ▆▅▆ ▆▆▅▆▆ ▆▅▆▆ ▆▆▅▆ ▆▅▆▆▅▆ ▆▆▅ ▆▅▆ ▆▆▅▆▆▅ ▆▅▆▆ ▆▆▅▆▆ ▆▅▆▆ ▆▆▅ ▆▅▆▆▅ ▆▆▅▆ ▆▅▆▆▆ ▆▆▅▆ ▆▅▆▆ ▆▆▅▆▆ ▆▅▆▆ ▆▆▅ ▆▅▆▆▅▆ ▆▆▅▆ ▆▅▆▆ ▆▆▅ ▆▅▆▆▅ ▆▆▅▆ ▆▅▆ ▆▆▅▆▆ ▆▅▆▆ ▆▆▅▆ ▆▅▆▆▅▆ ▆▆▅ ▆▅▆ ▆▆▅▆▆▅ ▆▅▆▆ ▆▆▅▆▆

5ನೇ ವಾರ್ಡ್‌ನಲ್ಲಿ 2.36 ಲಕ್ಷ ವೆಚ್ಚದ ಸಿಸಿ ರಸ್ತೆ ಮತ್ತು ಚರಂಡಿ ಕಾಮಗಾರಿಗೆ ಚಾಲನೆ

▆▆▅▆ ▆▅▆▆ ▆▆▅ ▆▅▆▆▅ ▆▆▅▆ ▆▅▆ ▆▆▅▆▆ ▆▅▆▆ ▆▆▅▆ ▆▅▆▆▅▆ ▆▆▅ ▆▅▆ ▆▆▅▆▆▅ ▆▅▆▆ ▆▆▅▆▆ ▆▅▆▆ ▆▆▅ ▆▅▆▆▅ ▆▆▅▆ ▆▅▆▆▆ ▆▆▅▆ ▆▅▆▆ 2.36 ▆▆▅▆▆ ▆▅▆▆ ▆▆▅ ▆▅▆▆▅▆ ▆▆▅▆ ▆▅▆▆ ▆▆▅ ▆▅▆▆▅ ▆▆▅▆ ▆▅▆ ▆▆▅▆▆ ▆▅▆▆ ▆▆▅▆ ▆▅▆▆▅▆ ▆▆▅ ▆▅▆ ▆▆▅▆▆▅ ▆▅▆▆ ▆▆▅▆▆ ▆▅▆▆ ▆▆▅ ▆▅▆▆▅ ▆▆▅▆ ▆▅▆▆▆ ▆▆▅▆ ▆▅▆▆ ▆▆▅▆▆ ▆▅▆▆ ▆▆▅ ▆▅▆▆▅▆ ▆▆▅▆ ▆▅▆▆ ▆▆▅ ▆▅▆▆▅ ▆▆▅▆ ▆▅▆ ▆▆▅▆▆ ▆▅▆▆ ▆▆▅▆ ▆▅▆▆▅▆ ▆▆▅ ▆▅▆ ▆▆▅▆▆▅ ▆▅▆▆ ▆▆▅▆▆ ▆▅▆▆ ▆▆▅ ▆▅▆▆▅ ▆▆▅▆ ▆▅▆▆▆ ▆▆▅▆ ▆▅▆▆ ▆▆▅▆▆ ▆▅▆▆ ▆▆▅ ▆▅▆▆▅▆ ▆▆▅▆ ▆▅▆▆ ▆▆▅ ▆▅▆▆▅ ▆▆▅▆ ▆▅▆ ▆▆▅▆▆ ▆▅▆▆ ▆▆▅▆ ▆▅▆▆▅▆ ▆▆▅ ▆▅▆ ▆▆▅▆▆▅ ▆▅▆▆ ▆▆▅▆▆ ▆▅▆▆ ▆▆▅ ▆▅▆▆▅ ▆▆▅▆ ▆▅▆▆▆ ▆▆▅▆ ▆▅▆▆ ▆▆▅▆▆

▆▆▅▆ ▆▅▆▆ ▆▆▅ ▆▅▆▆▅ ▆▆▅▆ ▆▅▆ ▆▆▅▆▆ ▆▅▆▆ ▆▆▅▆ ▆▅▆▆▅▆ ▆▆▅ ▆▅▆ ▆▆▅▆▆▅ ▆▅▆▆ ▆▆▅▆▆ ▆▅▆▆ ▆▆▅ ▆▅▆▆▅ ▆▆▅▆ ▆▅▆▆▆ ▆▆▅▆ ▆▅▆▆ ▆▆▅▆▆ ▆▅▆▆ ▆▆▅ ▆▅▆▆▅▆ ▆▆▅▆ ▆▅▆▆ ▆▆▅ ▆▅▆▆▅ ▆▆▅▆ ▆▅▆ ▆▆▅▆▆ ▆▅▆▆ ▆▆▅▆ ▆▅▆▆▅▆ ▆▆▅ ▆▅▆ ▆▆▅▆▆▅ ▆▅▆▆ ▆▆▅▆▆ ▆▅▆▆ ▆▆▅ ▆▅▆▆▅ ▆▆▅▆ ▆▅▆▆▆ ▆▆▅▆ ▆▅▆▆ ▆▆▅▆▆ ▆▅▆▆ ▆▆▅ ▆▅▆▆▅▆ ▆▆▅▆ ▆▅▆▆ ▆▆▅ ▆▅▆▆▅ ▆▆▅▆ ▆▅▆ ▆▆▅▆▆ ▆▅▆▆ ▆▆▅▆ ▆▅▆▆▅▆ ▆▆▅ ▆▅▆ ▆▆▅▆▆▅ ▆▅▆▆ ▆▆▅▆▆ ▆▅▆▆ ▆▆▅ ▆▅▆▆▅ ▆▆▅▆ ▆▅▆▆▆ ▆▆▅▆ ▆▅▆▆ ▆▆▅▆▆ ▆▅▆▆ ▆▆▅ ▆▅▆▆▅▆ ▆▆▅▆ ▆▅▆▆ ▆▆▅ ▆▅▆▆▅ ▆▆▅▆ ▆▅▆ ▆▆▅▆▆ ▆▅▆▆ ▆▆▅▆ ▆▅▆▆▅▆ ▆▆▅ ▆▅▆ ▆▆▅▆▆▅ ▆▅▆▆ ▆▆▅▆▆ ▆▅▆▆ ▆▆▅ ▆▅▆▆▅ ▆▆▅▆ ▆▅▆▆▆ ▆▆▅▆ ▆▅▆▆ ▆▆▅▆▆ ▆▅▆▆ ▆▆▅ ▆▅▆▆▅▆ ▆▆▅▆ ▆▅▆▆ ▆▆▅ ▆▅▆▆▅ ▆▆▅▆ ▆▅▆ ▆▆▅▆▆ ▆▅▆▆ ▆▆▅▆ ▆▅▆▆▅▆ ▆▆▅ ▆▅▆ ▆▆▅▆▆▅ ▆▅▆▆ ▆▆▅▆▆ ▆▅▆▆ ▆▆▅ ▆▅▆▆▅ ▆▆▅▆ ▆▅▆▆▆ ▆▆▅▆ ▆▅▆▆ ▆▆▅▆▆ ▆▅▆▆ ▆▆▅ ▆▅▆▆▅▆ ▆▆▅▆ ▆▅▆▆ ▆▆▅ ▆▅▆▆▅ ▆▆▅▆ ▆▅▆ ▆▆▅▆▆ ▆▅▆▆ ▆▆▅▆ ▆▅▆▆▅▆ ▆▆▅ ▆▅▆
